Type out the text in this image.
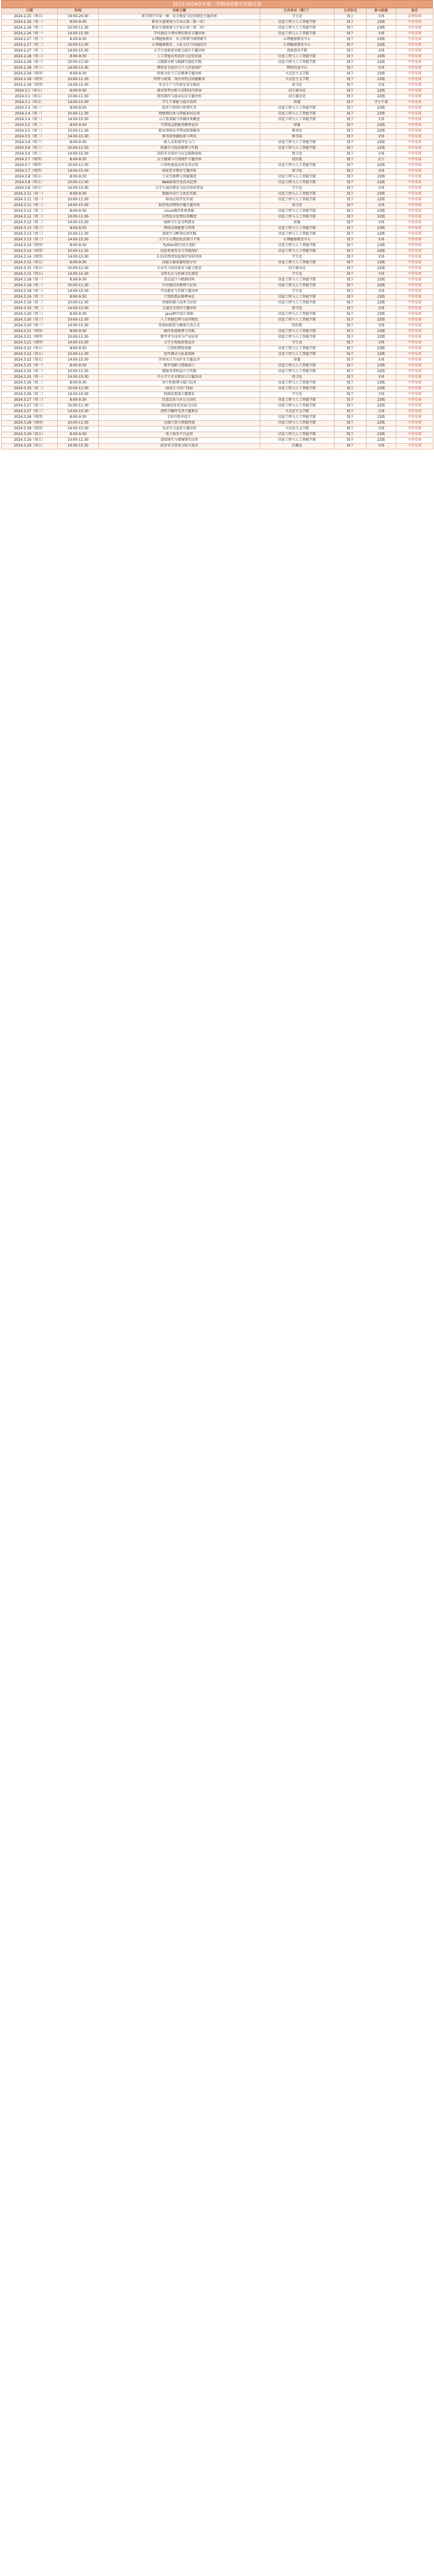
2023-2024学年第二学期讲座教学安排总表
日期	时段	讲座主题	主讲单位（部门）	主讲形式	参与班级	备注
2024.2.25（周日）	19:00-20:30	新学期开学第一课：安全教育与纪律规范主题讲座	学生处	线上	全体	必须参加
2024.2.26（周一）	8:00-9:30	职业生涯规划与专业认知（第一讲）	信息工程与人工智能学院	线下	23级	不作安排
2024.2.26（周一）	10:00-11:30	职业生涯规划与专业认知（第二讲）	信息工程与人工智能学院	线下	23级	不作安排
2024.2.26（周一）	14:00-15:30	学风建设与考风考纪教育专题讲座	信息工程与人工智能学院	线下	全体	不作安排
2024.2.27（周二）	8:00-9:30	心理健康教育：压力管理与情绪调节	心理健康教育中心	线下	23级	不作安排
2024.2.27（周二）	10:00-11:30	心理健康教育：人际交往与沟通技巧	心理健康教育中心	线下	22级	不作安排
2024.2.27（周二）	14:00-15:30	大学生创新创业能力提升专题讲座	创新创业学院	线下	全体	不作安排
2024.2.28（周三）	8:00-9:30	人工智能技术前沿与应用发展	信息工程与人工智能学院	线下	23级	不作安排
2024.2.28（周三）	10:00-11:30	大数据分析与数据可视化实践	信息工程与人工智能学院	线下	22级	不作安排
2024.2.28（周三）	14:00-15:30	网络安全意识与个人信息保护	网络信息中心	线下	全体	不作安排
2024.2.29（周四）	8:00-9:30	传统文化与工匠精神专题讲座	马克思主义学院	线下	23级	不作安排
2024.2.29（周四）	10:00-11:30	形势与政策：国内外热点问题解读	马克思主义学院	线下	22级	不作安排
2024.2.29（周四）	14:00-15:30	安全生产与实验室安全规范	保卫处	线下	全体	不作安排
2024.3.1（周五）	8:00-9:30	就业形势分析与求职技巧指导	招生就业处	线下	22级	不作安排
2024.3.1（周五）	10:00-11:30	简历制作与面试礼仪专题讲座	招生就业处	线下	22级	不作安排
2024.3.1（周五）	14:00-15:30	学生干部能力提升培训	团委	线下	学生干部	不作安排
2024.3.4（周一）	8:00-9:30	软件工程项目管理实务	信息工程与人工智能学院	线下	23级	不作安排
2024.3.4（周一）	10:00-11:30	物联网技术与智能家居应用	信息工程与人工智能学院	线下	22级	不作安排
2024.3.4（周一）	14:00-15:30	云计算基础与容器技术概述	信息工程与人工智能学院	线下	全体	不作安排
2024.3.5（周二）	8:00-9:30	学雷锋志愿服务精神宣讲	团委	线下	23级	不作安排
2024.3.5（周二）	10:00-11:30	职业资格证书考试政策解读	教务处	线下	22级	不作安排
2024.3.5（周二）	14:00-15:30	图书馆资源检索与利用	图书馆	线下	全体	不作安排
2024.3.6（周三）	8:00-9:30	嵌入式系统开发入门	信息工程与人工智能学院	线下	23级	不作安排
2024.3.6（周三）	10:00-11:30	机器学习算法原理与实践	信息工程与人工智能学院	线下	22级	不作安排
2024.3.6（周三）	14:00-15:30	消防安全知识与应急疏散演练	保卫处	线下	全体	不作安排
2024.3.7（周四）	8:00-9:30	女生健康与自我保护专题讲座	校医院	线下	女生	不作安排
2024.3.7（周四）	10:00-11:30	计算机视觉技术及其应用	信息工程与人工智能学院	线下	22级	不作安排
2024.3.7（周四）	14:00-15:30	国家安全教育专题讲座	保卫处	线下	全体	不作安排
2024.3.8（周五）	8:00-9:30	工业互联网与智能制造	信息工程与人工智能学院	线下	23级	不作安排
2024.3.8（周五）	10:00-11:30	Web前端开发技术趋势	信息工程与人工智能学院	线下	22级	不作安排
2024.3.8（周五）	14:00-15:30	大学生诚信教育与征信知识普及	学生处	线下	全体	不作安排
2024.3.11（周一）	8:00-9:30	数据库设计与优化实践	信息工程与人工智能学院	线下	23级	不作安排
2024.3.11（周一）	10:00-11:30	移动应用开发实战	信息工程与人工智能学院	线下	22级	不作安排
2024.3.11（周一）	14:00-15:30	防范电信网络诈骗专题讲座	保卫处	线下	全体	不作安排
2024.3.12（周二）	8:00-9:30	Linux操作系统基础	信息工程与人工智能学院	线下	23级	不作安排
2024.3.12（周二）	10:00-11:30	自然语言处理技术概述	信息工程与人工智能学院	线下	22级	不作安排
2024.3.12（周二）	14:00-15:30	植树节生态文明教育	团委	线下	全体	不作安排
2024.3.13（周三）	8:00-9:30	网络设备配置与管理	信息工程与人工智能学院	线下	23级	不作安排
2024.3.13（周三）	10:00-11:30	深度学习框架应用实践	信息工程与人工智能学院	线下	22级	不作安排
2024.3.13（周三）	14:00-15:30	大学生心理危机识别与干预	心理健康教育中心	线下	全体	不作安排
2024.3.14（周四）	8:00-9:30	Python程序设计进阶	信息工程与人工智能学院	线下	23级	不作安排
2024.3.14（周四）	10:00-11:30	信息系统安全与等级保护	信息工程与人工智能学院	线下	22级	不作安排
2024.3.14（周四）	14:00-15:30	3.15消费者权益保护知识讲座	学生处	线下	全体	不作安排
2024.3.15（周五）	8:00-9:30	技能大赛备赛经验分享	信息工程与人工智能学院	线下	23级	不作安排
2024.3.15（周五）	10:00-11:30	企业实习岗位需求与能力要求	招生就业处	线下	22级	不作安排
2024.3.15（周五）	14:00-15:30	文明礼仪与校园文化建设	学生处	线下	全体	不作安排
2024.3.18（周一）	8:00-9:30	算法设计与数据结构	信息工程与人工智能学院	线下	23级	不作安排
2024.3.18（周一）	10:00-11:30	区块链技术原理与应用	信息工程与人工智能学院	线下	22级	不作安排
2024.3.18（周一）	14:00-15:30	劳动教育与实践专题讲座	学生处	线下	全体	不作安排
2024.3.19（周二）	8:00-9:30	计算机组成原理导论	信息工程与人工智能学院	线下	23级	不作安排
2024.3.19（周二）	10:00-11:30	智能机器人技术与应用	信息工程与人工智能学院	线下	22级	不作安排
2024.3.19（周二）	14:00-15:30	交通安全知识专题讲座	保卫处	线下	全体	不作安排
2024.3.20（周三）	8:00-9:30	Java程序设计基础	信息工程与人工智能学院	线下	23级	不作安排
2024.3.20（周三）	10:00-11:30	人工智能伦理与法律规范	信息工程与人工智能学院	线下	22级	不作安排
2024.3.20（周三）	14:00-15:30	传染病防控与健康生活方式	校医院	线下	全体	不作安排
2024.3.21（周四）	8:00-9:30	操作系统原理与实践	信息工程与人工智能学院	线下	23级	不作安排
2024.3.21（周四）	10:00-11:30	数字孪生技术与产业应用	信息工程与人工智能学院	线下	22级	不作安排
2024.3.21（周四）	14:00-15:30	大学生资助政策宣讲	学生处	线下	全体	不作安排
2024.3.22（周五）	8:00-9:30	计算机网络基础	信息工程与人工智能学院	线下	23级	不作安排
2024.3.22（周五）	10:00-11:30	软件测试与质量保障	信息工程与人工智能学院	线下	22级	不作安排
2024.3.22（周五）	14:00-15:30	世界水日节水护水主题宣讲	团委	线下	全体	不作安排
2024.3.25（周一）	8:00-9:30	数字电路与逻辑设计	信息工程与人工智能学院	线下	23级	不作安排
2024.3.25（周一）	10:00-11:30	微服务架构设计与实践	信息工程与人工智能学院	线下	22级	不作安排
2024.3.25（周一）	14:00-15:30	中小学生安全教育日专题活动	保卫处	线下	全体	不作安排
2024.3.26（周二）	8:00-9:30	单片机原理与接口技术	信息工程与人工智能学院	线下	23级	不作安排
2024.3.26（周二）	10:00-11:30	UI设计与用户体验	信息工程与人工智能学院	线下	22级	不作安排
2024.3.26（周二）	14:00-15:30	校园反欺凌专题教育	学生处	线下	全体	不作安排
2024.3.27（周三）	8:00-9:30	信息技术与办公自动化	信息工程与人工智能学院	线下	23级	不作安排
2024.3.27（周三）	10:00-11:30	5G通信技术发展与应用	信息工程与人工智能学院	线下	22级	不作安排
2024.3.27（周三）	14:00-15:30	清明节缅怀先烈主题教育	马克思主义学院	线下	全体	不作安排
2024.3.28（周四）	8:00-9:30	C语言程序设计	信息工程与人工智能学院	线下	23级	不作安排
2024.3.28（周四）	10:00-11:30	边缘计算与智能终端	信息工程与人工智能学院	线下	22级	不作安排
2024.3.28（周四）	14:00-15:30	宪法学习宣传专题讲座	马克思主义学院	线下	全体	不作安排
2024.3.29（周五）	8:00-9:30	电子商务平台运营	信息工程与人工智能学院	线下	23级	不作安排
2024.3.29（周五）	10:00-11:30	虚拟现实与增强现实技术	信息工程与人工智能学院	线下	22级	不作安排
2024.3.29（周五）	14:00-15:30	宿舍安全用电与防火知识	后勤处	线下	全体	不作安排
